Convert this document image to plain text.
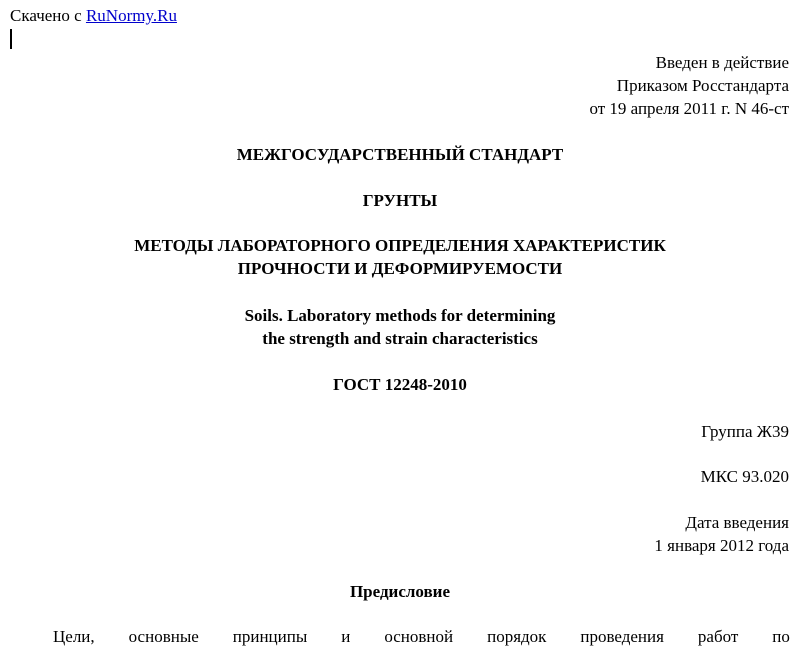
Скачено с RuNormy.Ru
Введен в действие
Приказом Росстандарта
от 19 апреля 2011 г. N 46-ст
МЕЖГОСУДАРСТВЕННЫЙ СТАНДАРТ
ГРУНТЫ
МЕТОДЫ ЛАБОРАТОРНОГО ОПРЕДЕЛЕНИЯ ХАРАКТЕРИСТИК
ПРОЧНОСТИ И ДЕФОРМИРУЕМОСТИ
Soils. Laboratory methods for determining
the strength and strain characteristics
ГОСТ 12248-2010
Группа Ж39
МКС 93.020
Дата введения
1 января 2012 года
Предисловие
Цели, основные принципы и основной порядок проведения работ по
